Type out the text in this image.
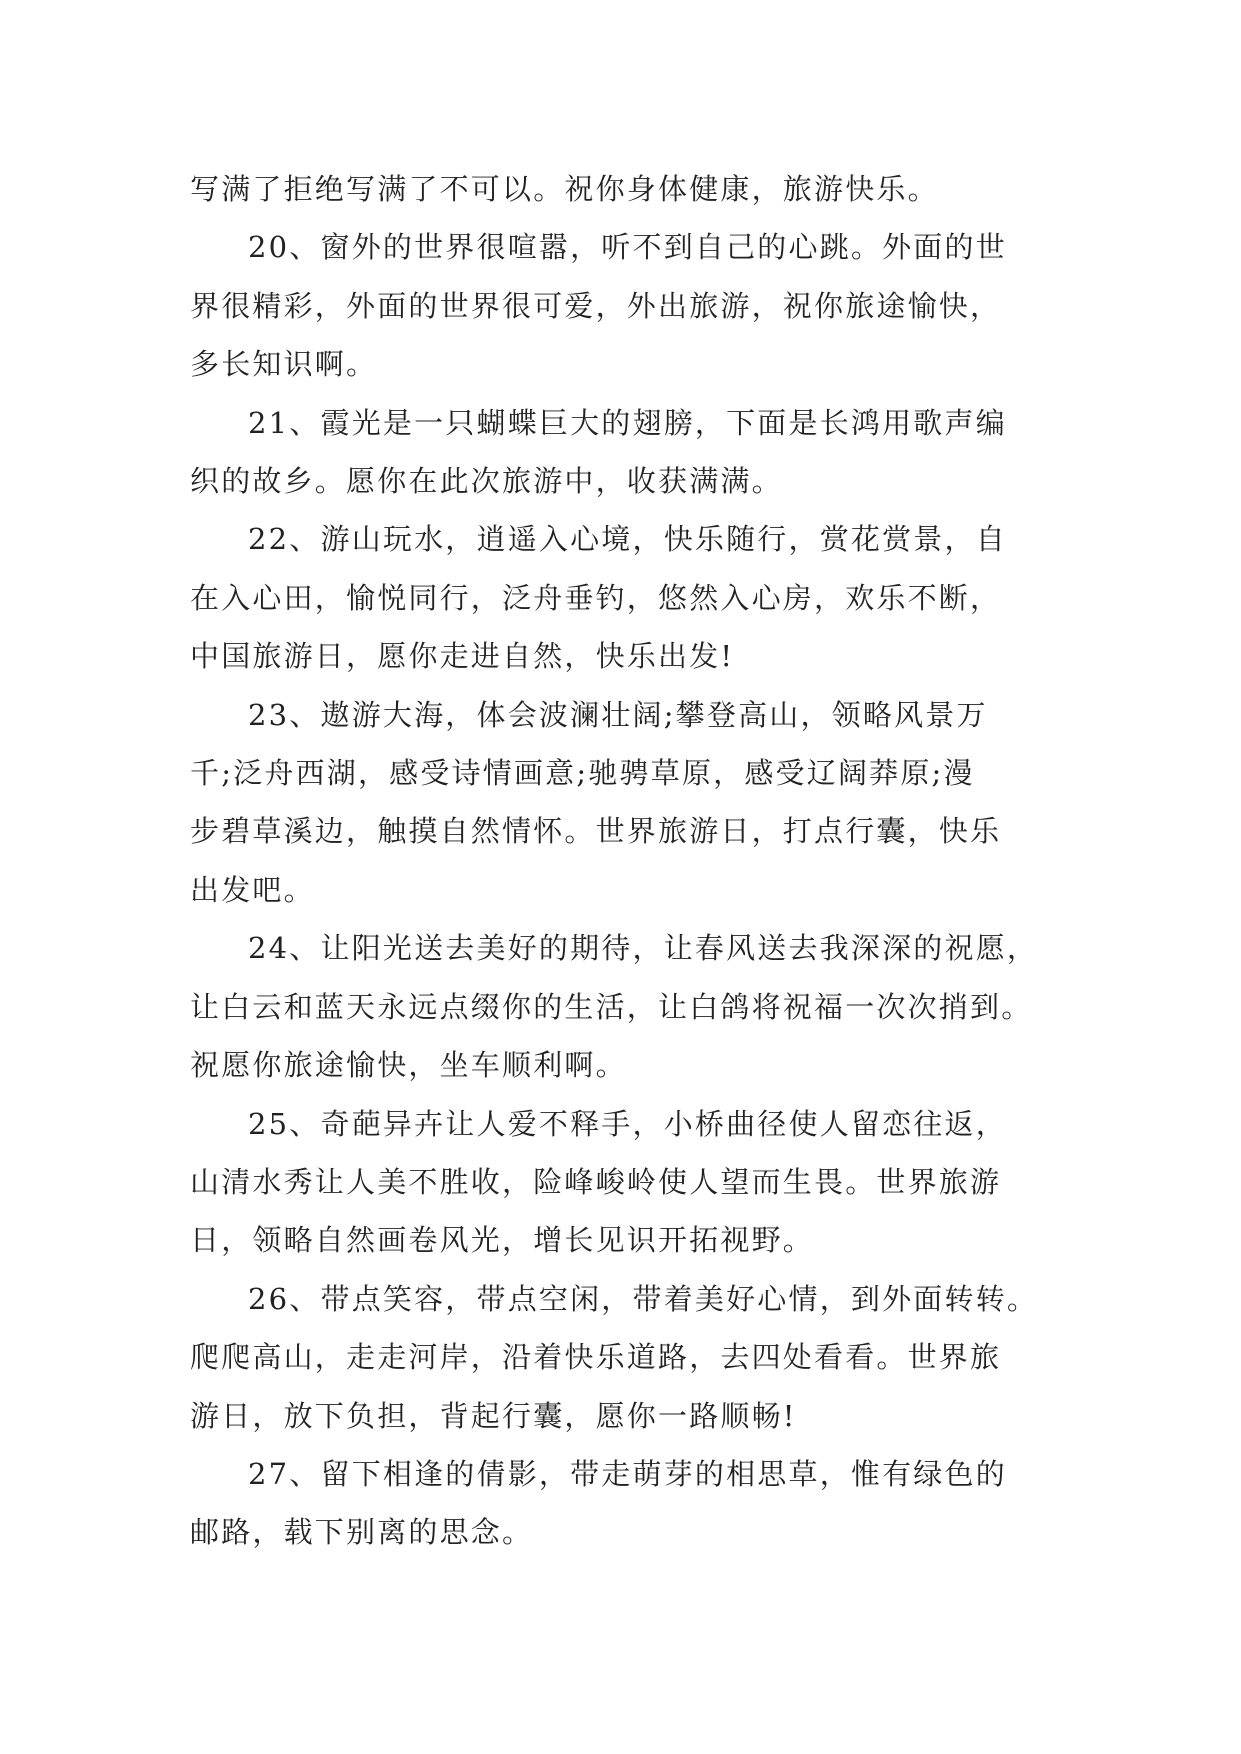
写满了拒绝写满了不可以。祝你身体健康，旅游快乐。

20、窗外的世界很喧嚣，听不到自己的心跳。外面的世
界很精彩，外面的世界很可爱，外出旅游，祝你旅途愉快，
多长知识啊。

21、霞光是一只蝴蝶巨大的翅膀，下面是长鸿用歌声编
织的故乡。愿你在此次旅游中，收获满满。

22、游山玩水，逍遥入心境，快乐随行，赏花赏景，自
在入心田，愉悦同行，泛舟垂钓，悠然入心房，欢乐不断，
中国旅游日，愿你走进自然，快乐出发!

23、遨游大海，体会波澜壮阔;攀登高山，领略风景万
千;泛舟西湖，感受诗情画意;驰骋草原，感受辽阔莽原;漫
步碧草溪边，触摸自然情怀。世界旅游日，打点行囊，快乐
出发吧。

24、让阳光送去美好的期待，让春风送去我深深的祝愿，
让白云和蓝天永远点缀你的生活，让白鸽将祝福一次次捎到。
祝愿你旅途愉快，坐车顺利啊。

25、奇葩异卉让人爱不释手，小桥曲径使人留恋往返，
山清水秀让人美不胜收，险峰峻岭使人望而生畏。世界旅游
日，领略自然画卷风光，增长见识开拓视野。

26、带点笑容，带点空闲，带着美好心情，到外面转转。
爬爬高山，走走河岸，沿着快乐道路，去四处看看。世界旅
游日，放下负担，背起行囊，愿你一路顺畅!

27、留下相逢的倩影，带走萌芽的相思草，惟有绿色的
邮路，载下别离的思念。
